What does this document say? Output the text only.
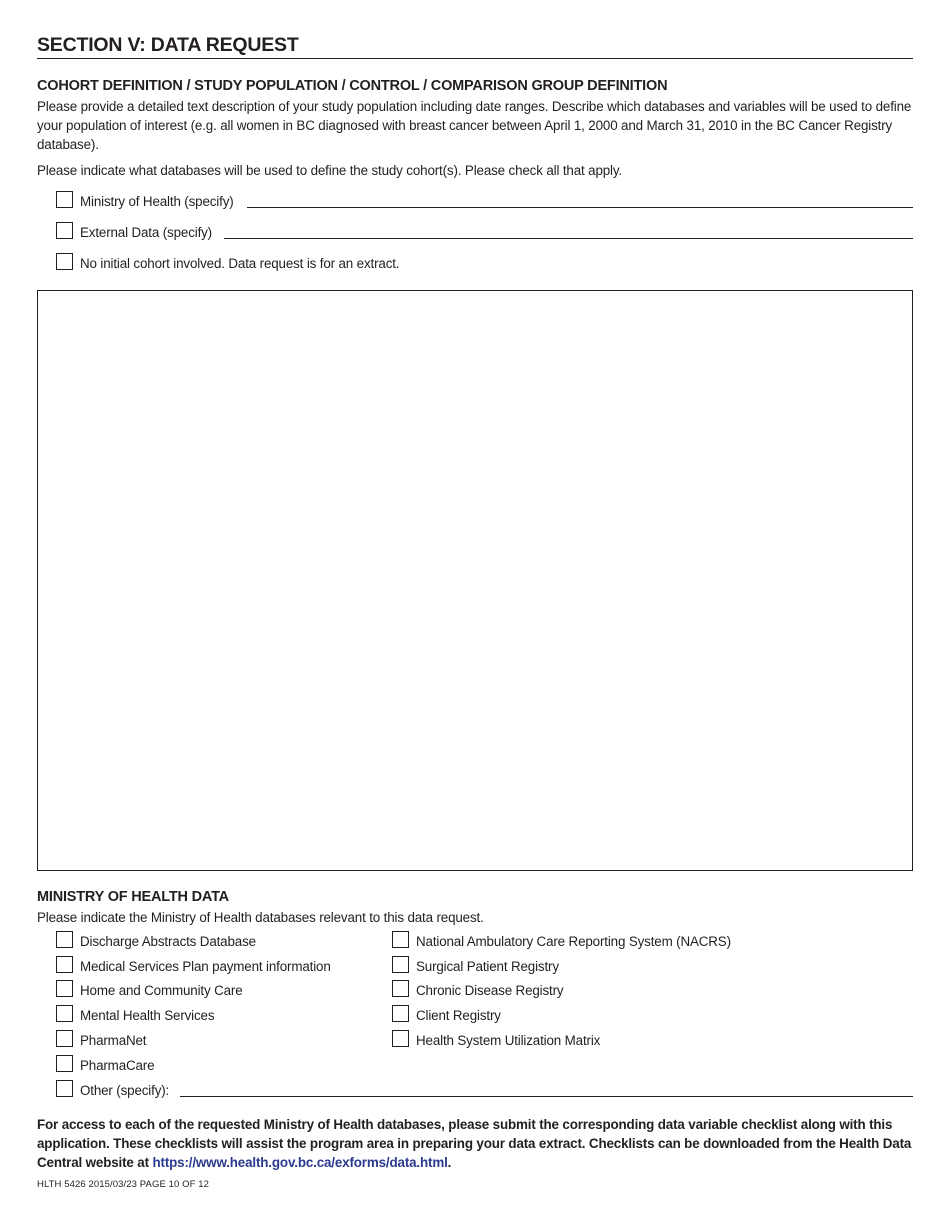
SECTION V: DATA REQUEST
COHORT DEFINITION / STUDY POPULATION / CONTROL / COMPARISON GROUP DEFINITION
Please provide a detailed text description of your study population including date ranges. Describe which databases and variables will be used to define your population of interest (e.g. all women in BC diagnosed with breast cancer between April 1, 2000 and March 31, 2010 in the BC Cancer Registry database).
Please indicate what databases will be used to define the study cohort(s). Please check all that apply.
Ministry of Health (specify)
External Data (specify)
No initial cohort involved. Data request is for an extract.
MINISTRY OF HEALTH DATA
Please indicate the Ministry of Health databases relevant to this data request.
Discharge Abstracts Database
Medical Services Plan payment information
Home and Community Care
Mental Health Services
PharmaNet
PharmaCare
Other (specify):
National Ambulatory Care Reporting System (NACRS)
Surgical Patient Registry
Chronic Disease Registry
Client Registry
Health System Utilization Matrix
For access to each of the requested Ministry of Health databases, please submit the corresponding data variable checklist along with this application. These checklists will assist the program area in preparing your data extract. Checklists can be downloaded from the Health Data Central website at https://www.health.gov.bc.ca/exforms/data.html.
HLTH 5426 2015/03/23 PAGE 10 OF 12
